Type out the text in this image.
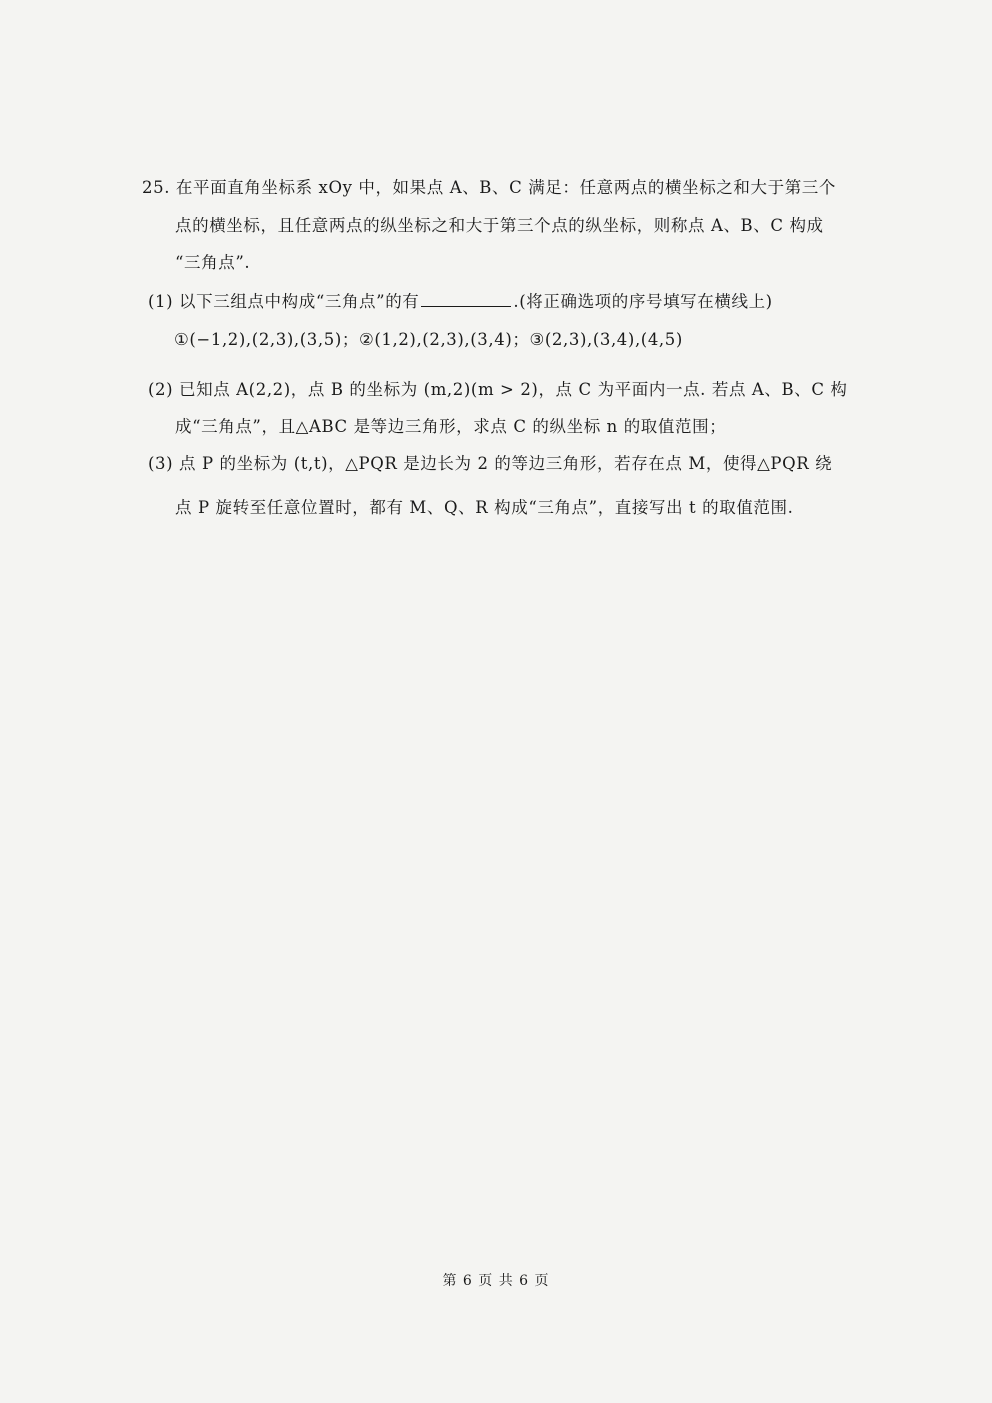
25. 在平面直角坐标系 xOy 中，如果点 A、B、C 满足：任意两点的横坐标之和大于第三个
点的横坐标，且任意两点的纵坐标之和大于第三个点的纵坐标，则称点 A、B、C 构成
“三角点”.
(1) 以下三组点中构成“三角点”的有	.(将正确选项的序号填写在横线上)
①(−1,2),(2,3),(3,5)；②(1,2),(2,3),(3,4)；③(2,3),(3,4),(4,5)
(2) 已知点 A(2,2)，点 B 的坐标为 (m,2)(m > 2)，点 C 为平面内一点. 若点 A、B、C 构
成“三角点”，且△ABC 是等边三角形，求点 C 的纵坐标 n 的取值范围；
(3) 点 P 的坐标为 (t,t)，△PQR 是边长为 2 的等边三角形，若存在点 M，使得△PQR 绕
点 P 旋转至任意位置时，都有 M、Q、R 构成“三角点”，直接写出 t 的取值范围.
第 6 页 共 6 页
